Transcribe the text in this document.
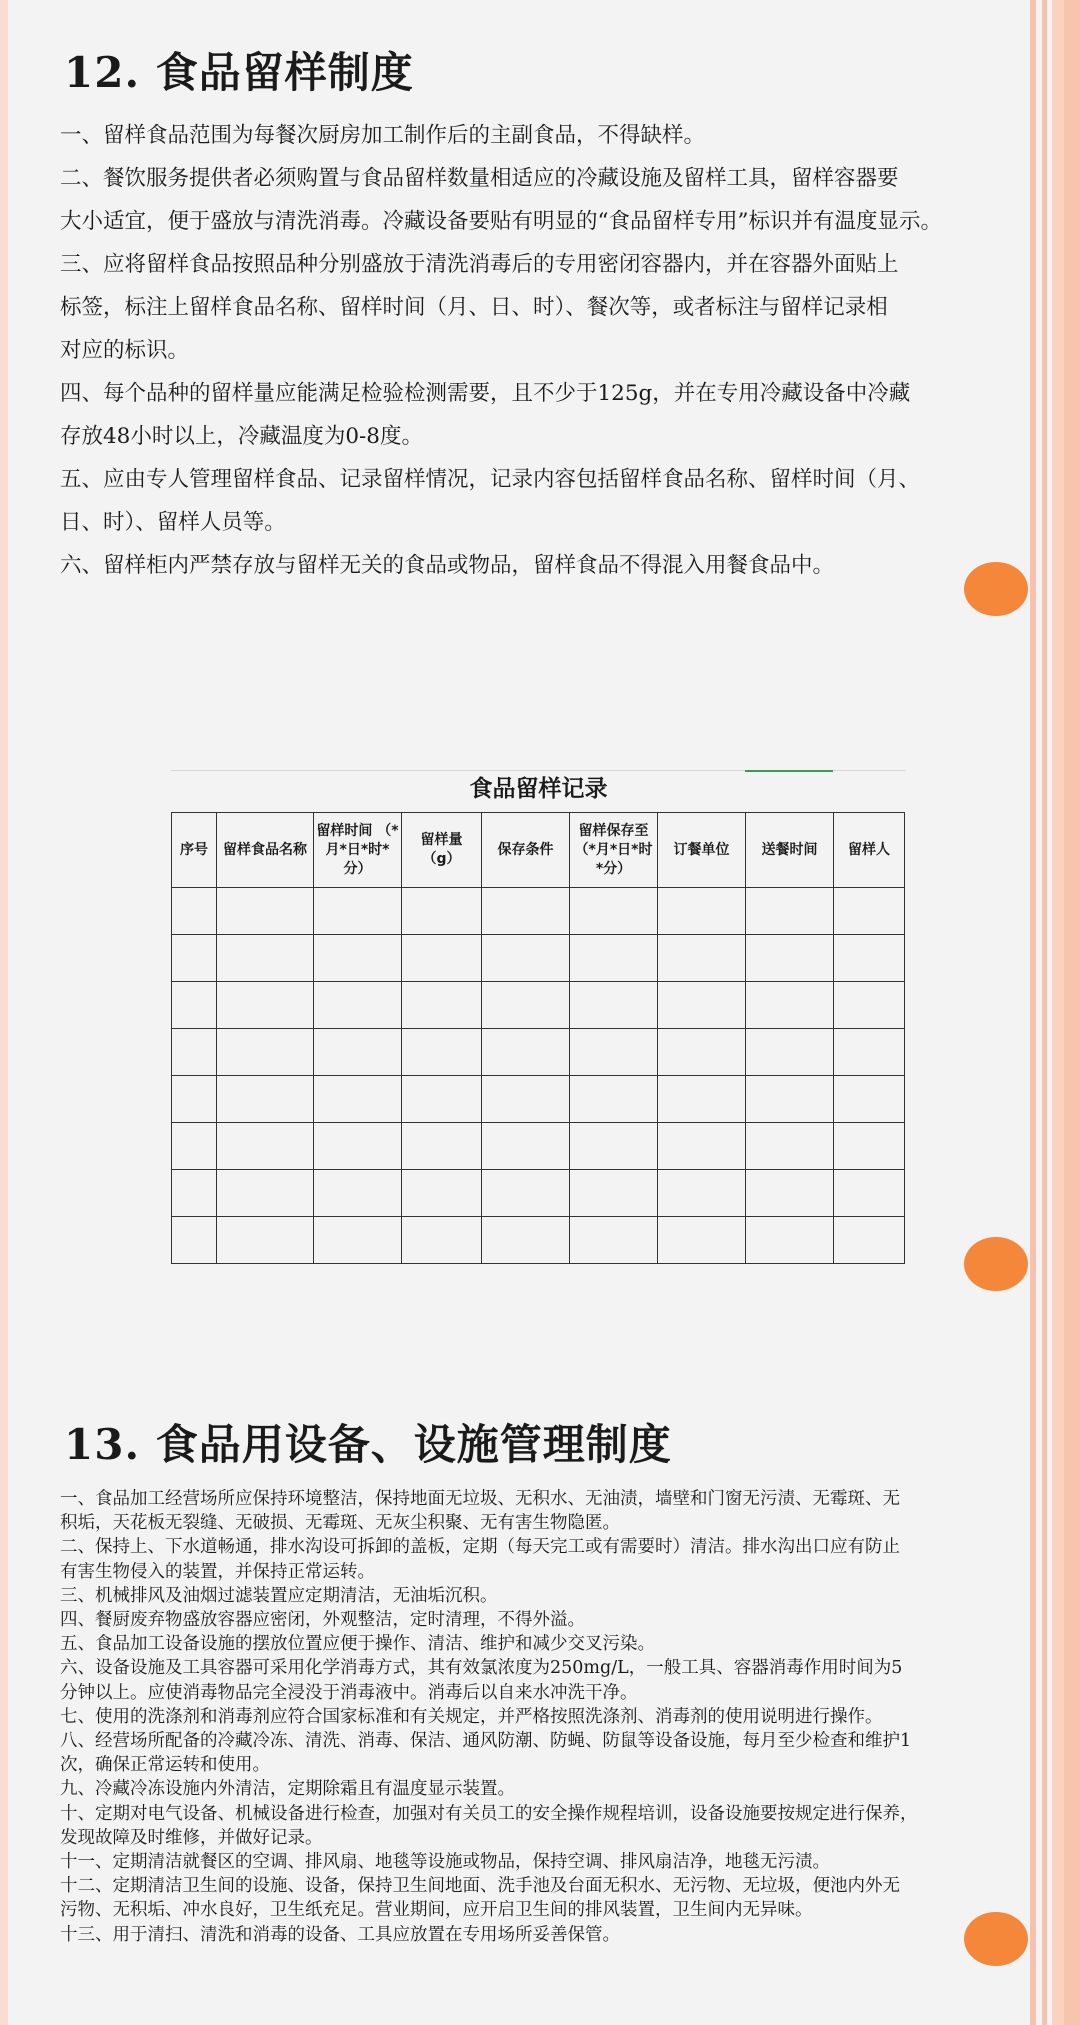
12. 食品留样制度
一、留样食品范围为每餐次厨房加工制作后的主副食品，不得缺样。
二、餐饮服务提供者必须购置与食品留样数量相适应的冷藏设施及留样工具，留样容器要
大小适宜，便于盛放与清洗消毒。冷藏设备要贴有明显的“食品留样专用”标识并有温度显示。
三、应将留样食品按照品种分别盛放于清洗消毒后的专用密闭容器内，并在容器外面贴上
标签，标注上留样食品名称、留样时间（月、日、时）、餐次等，或者标注与留样记录相
对应的标识。
四、每个品种的留样量应能满足检验检测需要，且不少于125g，并在专用冷藏设备中冷藏
存放48小时以上，冷藏温度为0-8度。
五、应由专人管理留样食品、记录留样情况，记录内容包括留样食品名称、留样时间（月、
日、时）、留样人员等。
六、留样柜内严禁存放与留样无关的食品或物品，留样食品不得混入用餐食品中。
食品留样记录
序号	留样食品名称	留样时间 （*月*日*时*分）	留样量 （g）	保存条件	留样保存至 （*月*日*时*分）	订餐单位	送餐时间	留样人

13. 食品用设备、设施管理制度
一、食品加工经营场所应保持环境整洁，保持地面无垃圾、无积水、无油渍，墙壁和门窗无污渍、无霉斑、无
积垢，天花板无裂缝、无破损、无霉斑、无灰尘积聚、无有害生物隐匿。
二、保持上、下水道畅通，排水沟设可拆卸的盖板，定期（每天完工或有需要时）清洁。排水沟出口应有防止
有害生物侵入的装置，并保持正常运转。
三、机械排风及油烟过滤装置应定期清洁，无油垢沉积。
四、餐厨废弃物盛放容器应密闭，外观整洁，定时清理，不得外溢。
五、食品加工设备设施的摆放位置应便于操作、清洁、维护和减少交叉污染。
六、设备设施及工具容器可采用化学消毒方式，其有效氯浓度为250mg/L，一般工具、容器消毒作用时间为5
分钟以上。应使消毒物品完全浸没于消毒液中。消毒后以自来水冲洗干净。
七、使用的洗涤剂和消毒剂应符合国家标准和有关规定，并严格按照洗涤剂、消毒剂的使用说明进行操作。
八、经营场所配备的冷藏冷冻、清洗、消毒、保洁、通风防潮、防蝇、防鼠等设备设施，每月至少检查和维护1
次，确保正常运转和使用。
九、冷藏冷冻设施内外清洁，定期除霜且有温度显示装置。
十、定期对电气设备、机械设备进行检查，加强对有关员工的安全操作规程培训，设备设施要按规定进行保养，
发现故障及时维修，并做好记录。
十一、定期清洁就餐区的空调、排风扇、地毯等设施或物品，保持空调、排风扇洁净，地毯无污渍。
十二、定期清洁卫生间的设施、设备，保持卫生间地面、洗手池及台面无积水、无污物、无垃圾，便池内外无
污物、无积垢、冲水良好，卫生纸充足。营业期间，应开启卫生间的排风装置，卫生间内无异味。
十三、用于清扫、清洗和消毒的设备、工具应放置在专用场所妥善保管。
